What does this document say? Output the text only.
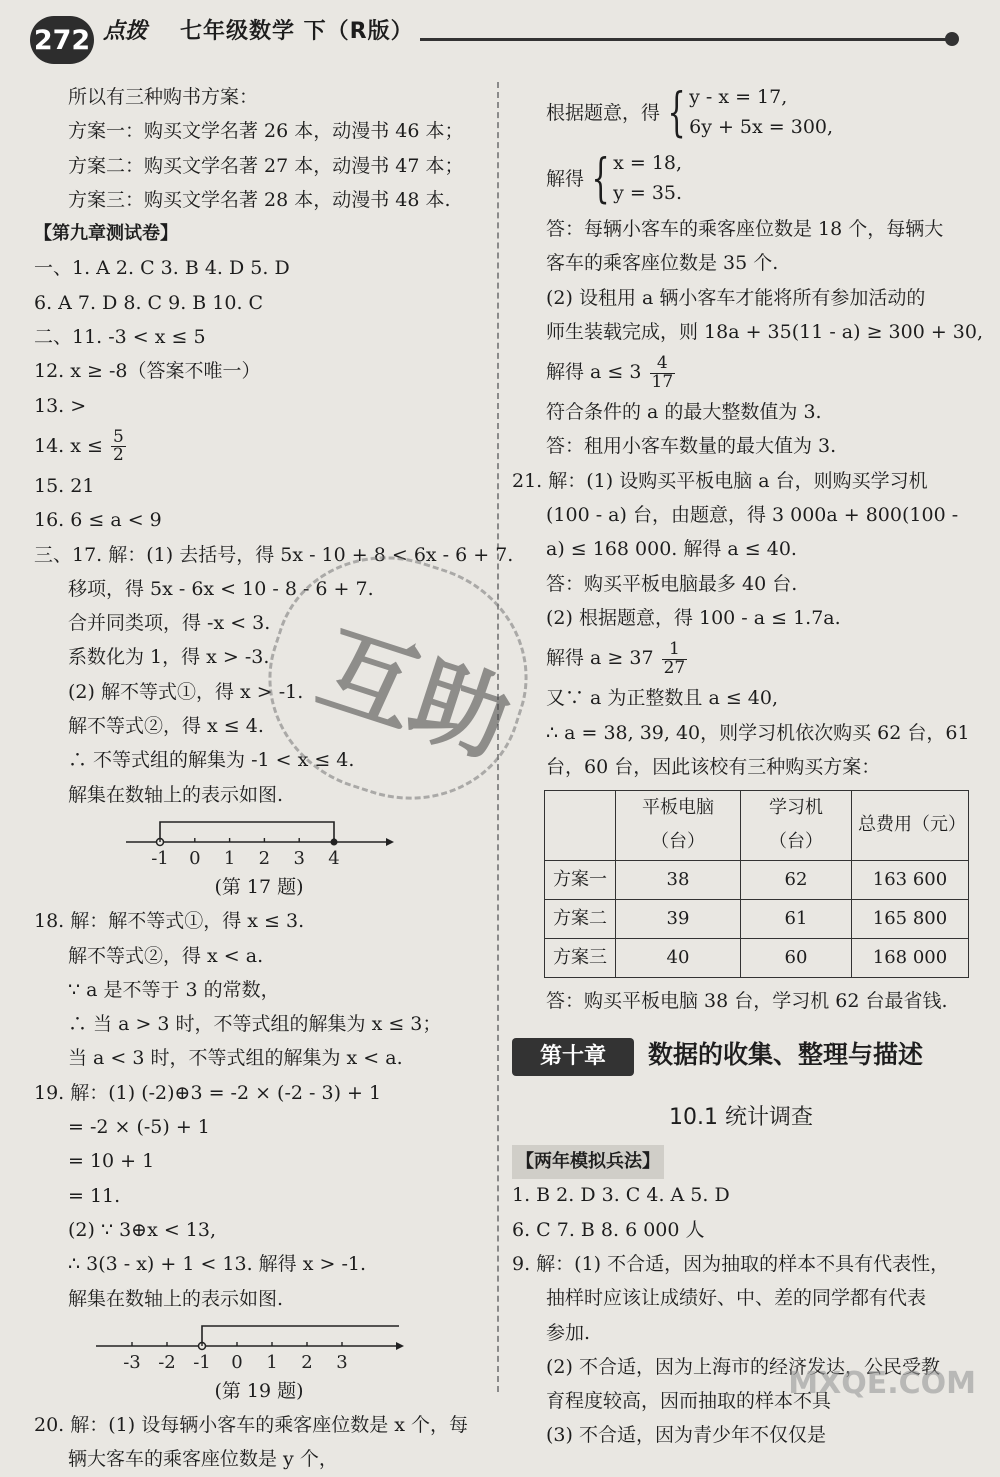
272 点拨 七年级数学 下（R版）
所以有三种购书方案：
方案一：购买文学名著 26 本，动漫书 46 本；
方案二：购买文学名著 27 本，动漫书 47 本；
方案三：购买文学名著 28 本，动漫书 48 本.
【第九章测试卷】
一、1. A 2. C 3. B 4. D 5. D
6. A 7. D 8. C 9. B 10. C
二、11. -3 < x ≤ 5
12. x ≥ -8（答案不唯一）
13. >
14. $x \le \frac{5}{2}$
15. 21
16. 6 ≤ a < 9
三、17. 解：(1) 去括号，得 5x - 10 + 8 < 6x - 6 + 7.
移项，得 5x - 6x < 10 - 8 - 6 + 7.
合并同类项，得 -x < 3.
系数化为 1，得 x > -3.
(2) 解不等式①，得 x > -1.
解不等式②，得 x ≤ 4.
∴ 不等式组的解集为 -1 < x ≤ 4.
解集在数轴上的表示如图.
-1 0 1 2 3 4
(第 17 题)
18. 解：解不等式①，得 x ≤ 3.
解不等式②，得 x < a.
∵ a 是不等于 3 的常数，
∴ 当 a > 3 时，不等式组的解集为 x ≤ 3；
当 a < 3 时，不等式组的解集为 x < a.
19. 解：(1) (-2)⊕3 = -2 × (-2 - 3) + 1
= -2 × (-5) + 1
= 10 + 1
= 11.
(2) ∵ 3⊕x < 13,
∴ 3(3 - x) + 1 < 13. 解得 x > -1.
解集在数轴上的表示如图.
-3 -2 -1 0 1 2 3
(第 19 题)
20. 解：(1) 设每辆小客车的乘客座位数是 x 个，每
辆大客车的乘客座位数是 y 个，
根据题意，得 { y - x = 17,
6y + 5x = 300,
解得 { x = 18,
y = 35.
答：每辆小客车的乘客座位数是 18 个，每辆大
客车的乘客座位数是 35 个.
(2) 设租用 a 辆小客车才能将所有参加活动的
师生装载完成，则 18a + 35(11 - a) ≥ 300 + 30,
解得 $a \le 3 \frac{4}{17}$
符合条件的 a 的最大整数值为 3.
答：租用小客车数量的最大值为 3.
21. 解：(1) 设购买平板电脑 a 台，则购买学习机
(100 - a) 台，由题意，得 3 000a + 800(100 -
a) ≤ 168 000. 解得 a ≤ 40.
答：购买平板电脑最多 40 台.
(2) 根据题意，得 100 - a ≤ 1.7a.
解得 $a \ge 37 \frac{1}{27}$
又∵ a 为正整数且 a ≤ 40,
∴ a = 38, 39, 40，则学习机依次购买 62 台，61
台，60 台，因此该校有三种购买方案：
	平板电脑（台）	学习机（台）	总费用（元）
方案一	38	62	163 600
方案二	39	61	165 800
方案三	40	60	168 000
答：购买平板电脑 38 台，学习机 62 台最省钱.
第十章	数据的收集、整理与描述
10.1 统计调查
【两年模拟兵法】
1. B 2. D 3. C 4. A 5. D
6. C 7. B 8. 6 000 人
9. 解：(1) 不合适，因为抽取的样本不具有代表性，
抽样时应该让成绩好、中、差的同学都有代表
参加.
(2) 不合适，因为上海市的经济发达，公民受教
育程度较高，因而抽取的样本不具
(3) 不合适，因为青少年不仅仅是
互助
MXQE.COM
